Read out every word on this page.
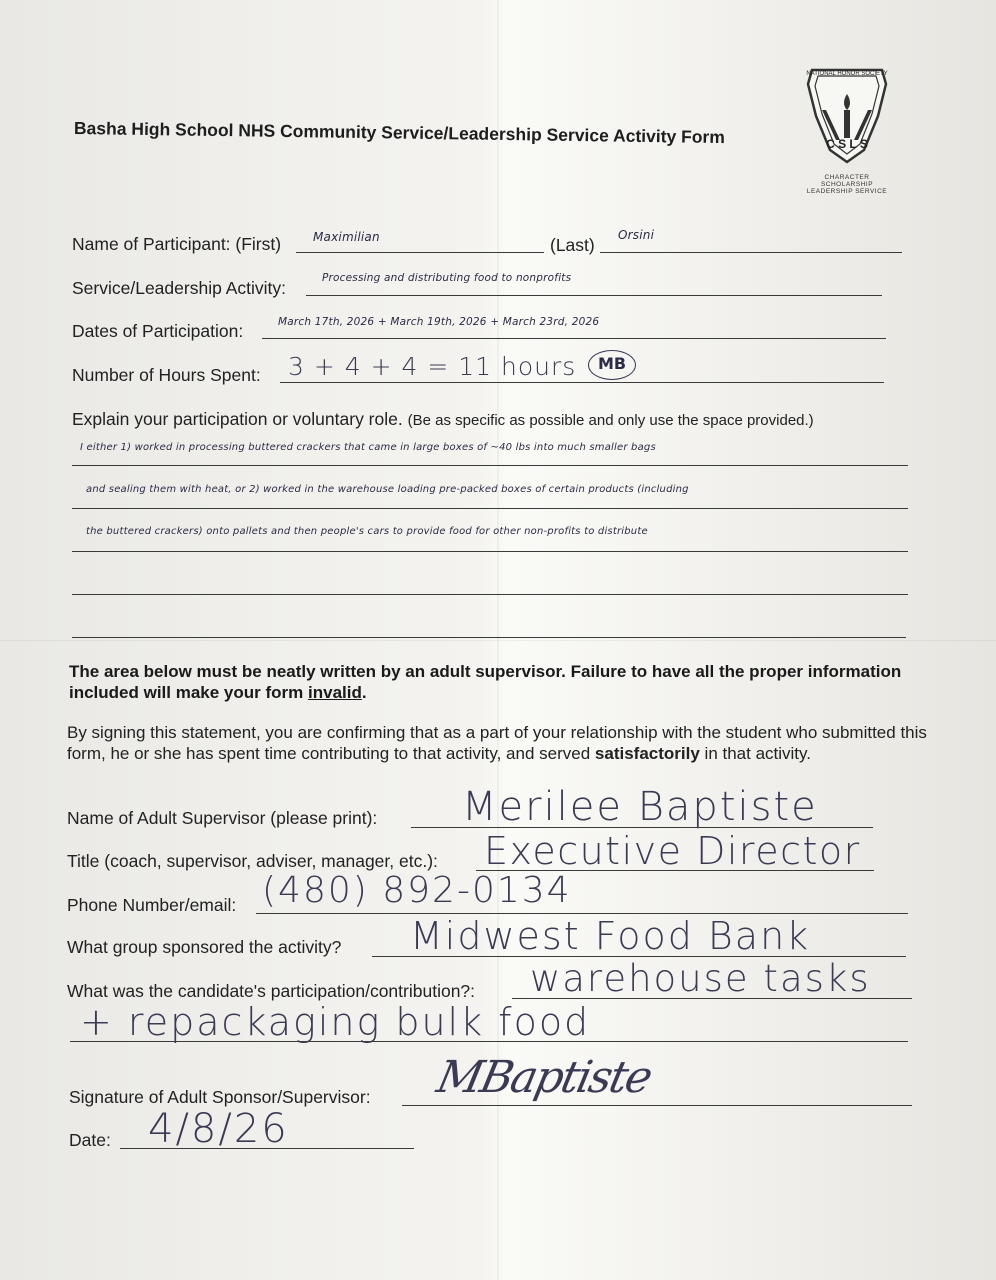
Basha High School NHS Community Service/Leadership Service Activity Form
NATIONAL HONOR SOCIETY
C S L S
CHARACTER SCHOLARSHIP LEADERSHIP SERVICE
Name of Participant: (First)	Maximilian	(Last) Orsini
Service/Leadership Activity:	Processing and distributing food to nonprofits
Dates of Participation:	March 17th, 2026 + March 19th, 2026 + March 23rd, 2026
Number of Hours Spent: 3 + 4 + 4 = 11 hours	MB
Explain your participation or voluntary role. (Be as specific as possible and only use the space provided.)
I either 1) worked in processing buttered crackers that came in large boxes of ~40 lbs into much smaller bags
and sealing them with heat, or 2) worked in the warehouse loading pre-packed boxes of certain products (including
the buttered crackers) onto pallets and then people's cars to provide food for other non-profits to distribute
The area below must be neatly written by an adult supervisor. Failure to have all the proper information included will make your form invalid.
By signing this statement, you are confirming that as a part of your relationship with the student who submitted this form, he or she has spent time contributing to that activity, and served satisfactorily in that activity.
Name of Adult Supervisor (please print): Merilee Baptiste
Title (coach, supervisor, adviser, manager, etc.): Executive Director
Phone Number/email: (480) 892-0134
What group sponsored the activity? Midwest Food Bank
What was the candidate's participation/contribution?: warehouse tasks
+ repackaging bulk food
Signature of Adult Sponsor/Supervisor: MBaptiste
Date: 4/8/26
